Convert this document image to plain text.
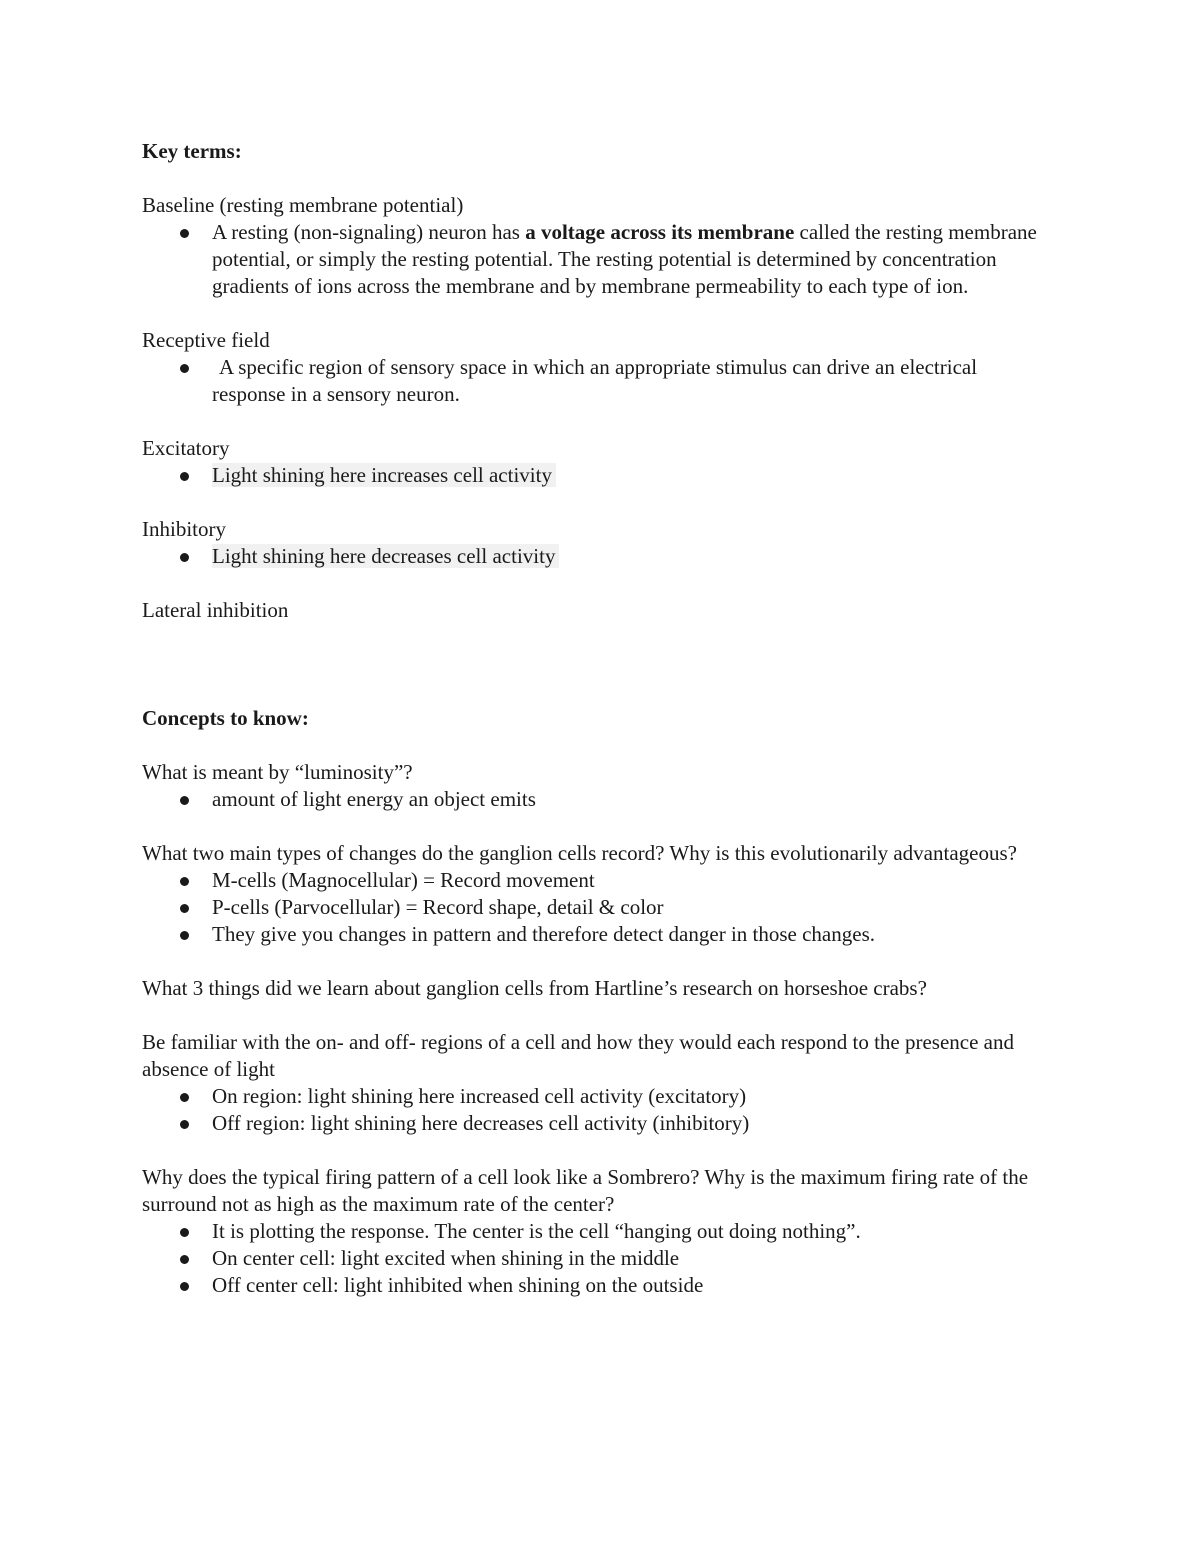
Key terms:

Baseline (resting membrane potential)

A resting (non-signaling) neuron has a voltage across its membrane called the resting membrane potential, or simply the resting potential. The resting potential is determined by concentration gradients of ions across the membrane and by membrane permeability to each type of ion.

Receptive field

A specific region of sensory space in which an appropriate stimulus can drive an electrical response in a sensory neuron.

Excitatory

Light shining here increases cell activity

Inhibitory

Light shining here decreases cell activity

Lateral inhibition

Concepts to know:

What is meant by “luminosity”?

amount of light energy an object emits

What two main types of changes do the ganglion cells record? Why is this evolutionarily advantageous?

M-cells (Magnocellular) = Record movement
P-cells (Parvocellular) = Record shape, detail & color
They give you changes in pattern and therefore detect danger in those changes.

What 3 things did we learn about ganglion cells from Hartline’s research on horseshoe crabs?

Be familiar with the on- and off- regions of a cell and how they would each respond to the presence and absence of light

On region: light shining here increased cell activity (excitatory)
Off region: light shining here decreases cell activity (inhibitory)

Why does the typical firing pattern of a cell look like a Sombrero? Why is the maximum firing rate of the surround not as high as the maximum rate of the center?

It is plotting the response. The center is the cell “hanging out doing nothing”.
On center cell: light excited when shining in the middle
Off center cell: light inhibited when shining on the outside
